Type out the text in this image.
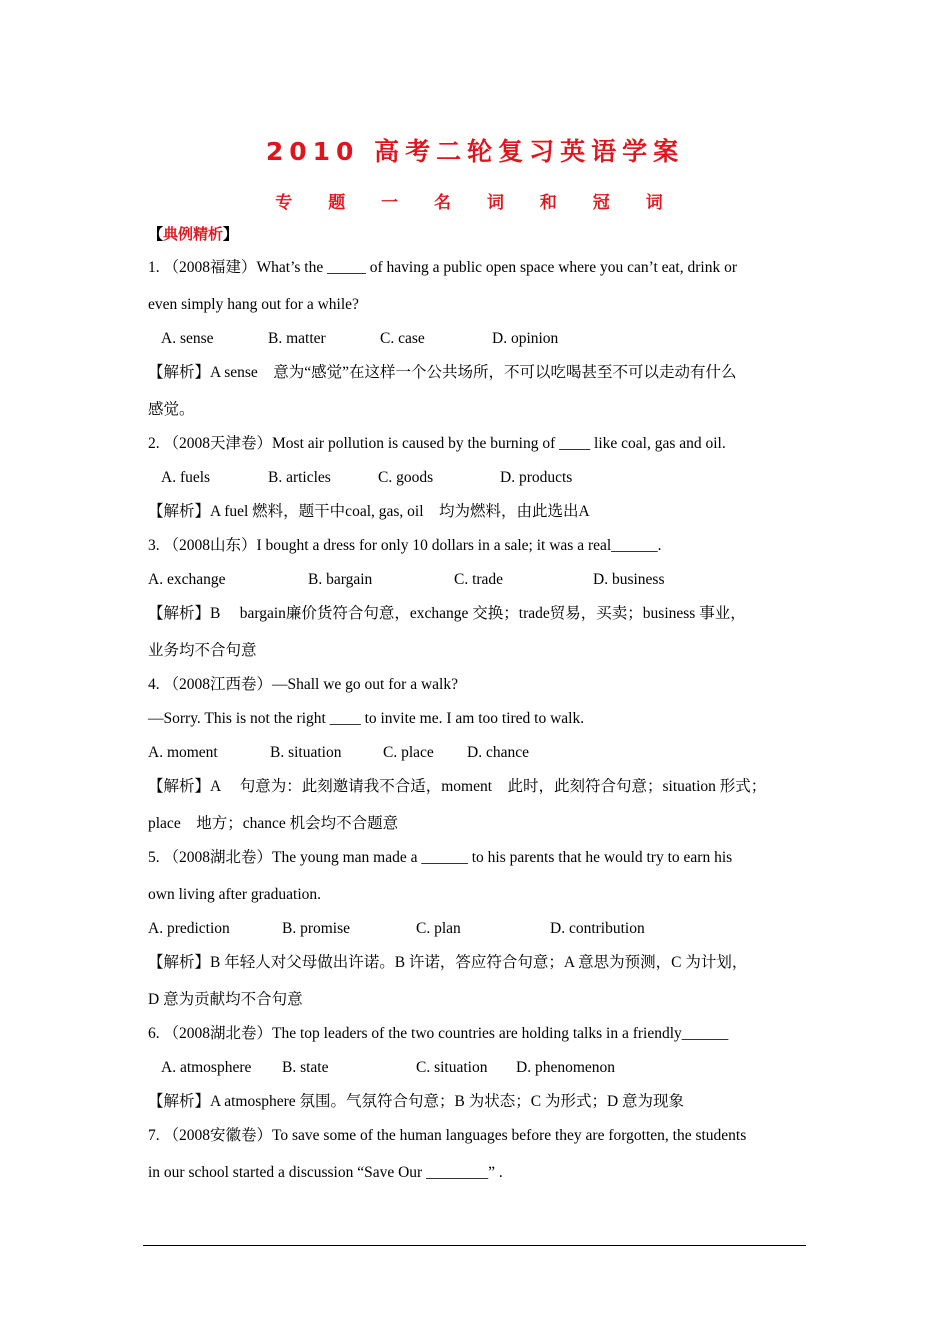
2010 高考二轮复习英语学案
专 题 一 名 词 和 冠 词
【典例精析】
1. （2008福建）What’s the _____ of having a public open space where you can’t eat, drink or
even simply hang out for a while?
A. sense	B. matter	C. case	D. opinion
【解析】A sense　意为“感觉”在这样一个公共场所，不可以吃喝甚至不可以走动有什么
感觉。
2. （2008天津卷）Most air pollution is caused by the burning of ____ like coal, gas and oil.
A. fuels	B. articles	C. goods	D. products
【解析】A fuel 燃料，题干中coal, gas, oil　均为燃料，由此选出A
3. （2008山东）I bought a dress for only 10 dollars in a sale; it was a real______.
A. exchange	B. bargain	C. trade	D. business
【解析】B　 bargain廉价货符合句意，exchange 交换；trade贸易，买卖；business 事业，
业务均不合句意
4. （2008江西卷）—Shall we go out for a walk?
—Sorry. This is not the right ____ to invite me. I am too tired to walk.
A. moment	B. situation	C. place	D. chance
【解析】A　 句意为：此刻邀请我不合适，moment　此时，此刻符合句意；situation 形式；
place　地方；chance 机会均不合题意
5. （2008湖北卷）The young man made a ______ to his parents that he would try to earn his
own living after graduation.
A. prediction	B. promise	C. plan	D. contribution
【解析】B 年轻人对父母做出许诺。B 许诺，答应符合句意；A 意思为预测，C 为计划，
D 意为贡献均不合句意
6. （2008湖北卷）The top leaders of the two countries are holding talks in a friendly______
A. atmosphere	B. state	C. situation	D. phenomenon
【解析】A atmosphere 氛围。气氛符合句意；B 为状态；C 为形式；D 意为现象
7. （2008安徽卷）To save some of the human languages before they are forgotten, the students
in our school started a discussion “Save Our ________” .
